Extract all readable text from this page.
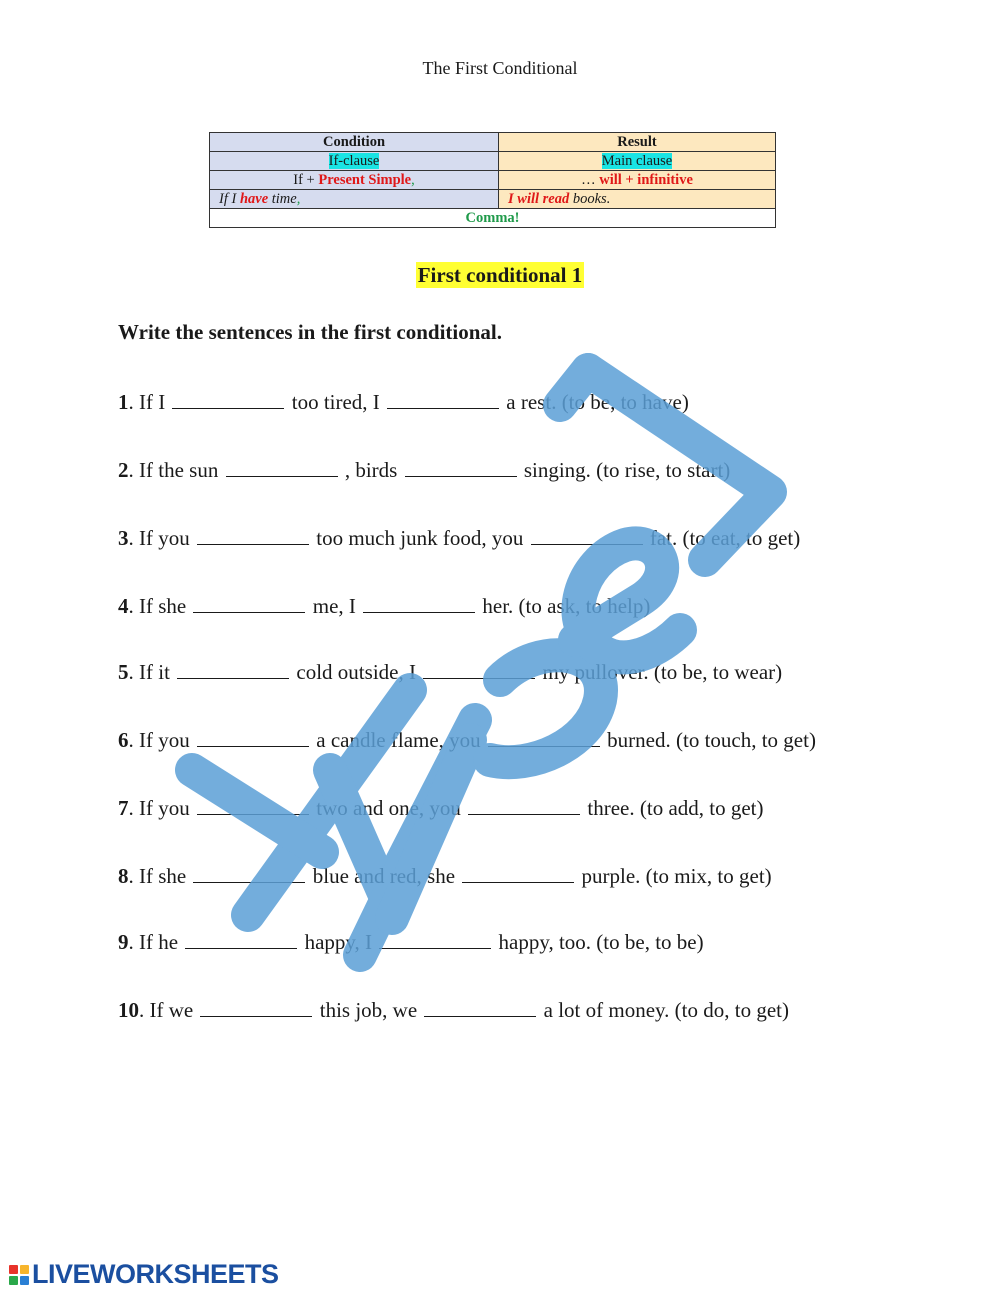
The First Conditional
Condition	Result
If-clause	Main clause
If + Present Simple,	… will + infinitive
If I have time,	I will read books.
Comma!	
First conditional 1
Write the sentences in the first conditional.
1. If I	too tired, I	a rest. (to be, to have)
2. If the sun	, birds	singing. (to rise, to start)
3. If you	too much junk food, you	fat. (to eat, to get)
4. If she	me, I	her. (to ask, to help)
5. If it	cold outside, I	my pullover. (to be, to wear)
6. If you	a candle flame, you	burned. (to touch, to get)
7. If you	two and one, you	three. (to add, to get)
8. If she	blue and red, she	purple. (to mix, to get)
9. If he	happy, I	happy, too. (to be, to be)
10. If we	this job, we	a lot of money. (to do, to get)
LIVEWORKSHEETS
